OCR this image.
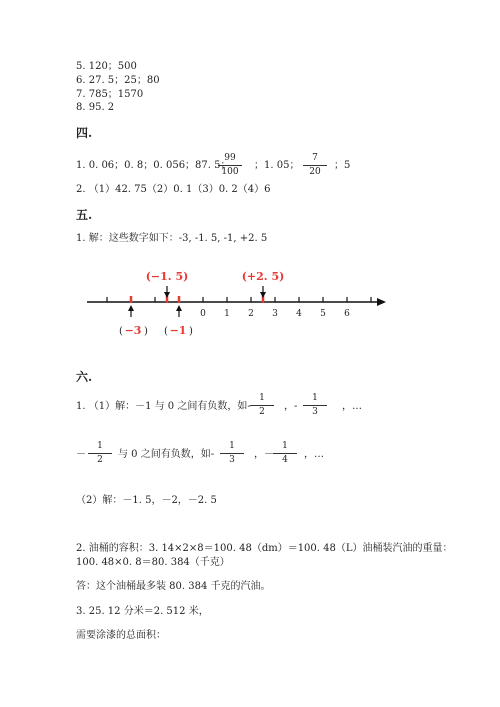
5. 120；500
6. 27. 5；25；80
7. 785；1570
8. 95. 2
四.
1. 0. 06；0. 8；0. 056；87. 5；
99
100
；1. 05；
7
20
；5
2. （1）42. 75（2）0. 1（3）0. 2（4）6
五.
1. 解：这些数字如下：-3, -1. 5, -1, +2. 5
0 1 2 3 4 5 6
(−1. 5)	(+2. 5)
( −3 ) ( −1 )
六.
1. （1）解：－1 与 0 之间有负数，如-
1
2	，-
1
3	，…
－
1
2	与 0 之间有负数，如-
1
3	，－
1
4	，…
（2）解：－1. 5，－2，－2. 5
2. 油桶的容积：3. 14×2×8＝100. 48（dm）＝100. 48（L）油桶装汽油的重量：
100. 48×0. 8＝80. 384（千克）
答：这个油桶最多装 80. 384 千克的汽油。
3. 25. 12 分米＝2. 512 米，
需要涂漆的总面积：
